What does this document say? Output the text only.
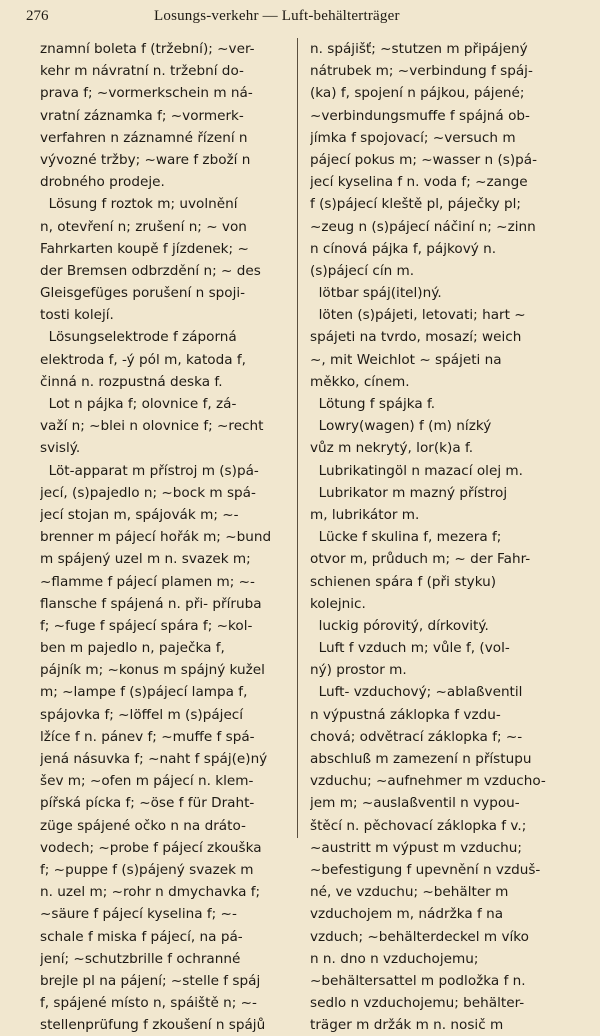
276	Losungs-verkehr — Luft-behälterträger
znamní boleta f (tržební); ~ver-
kehr m návratní n. tržební do-
prava f; ~vormerkschein m ná-
vratní záznamka f; ~vormerk-
verfahren n záznamné řízení n
vývozné tržby; ~ware f zboží n
drobného prodeje.
Lösung f roztok m; uvolnění
n, otevření n; zrušení n; ~ von
Fahrkarten koupě f jízdenek; ~
der Bremsen odbrzdění n; ~ des
Gleisgefüges porušení n spoji-
tosti kolejí.
Lösungselektrode f záporná
elektroda f, -ý pól m, katoda f,
činná n. rozpustná deska f.
Lot n pájka f; olovnice f, zá-
važí n; ~blei n olovnice f; ~recht
svislý.
Löt-apparat m přístroj m (s)pá-
jecí, (s)pajedlo n; ~bock m spá-
jecí stojan m, spájovák m; ~-
brenner m pájecí hořák m; ~bund
m spájený uzel m n. svazek m;
~flamme f pájecí plamen m; ~-
flansche f spájená n. při- příruba
f; ~fuge f spájecí spára f; ~kol-
ben m pajedlo n, paječka f,
pájník m; ~konus m spájný kužel
m; ~lampe f (s)pájecí lampa f,
spájovka f; ~löffel m (s)pájecí
lžíce f n. pánev f; ~muffe f spá-
jená násuvka f; ~naht f spáj(e)ný
šev m; ~ofen m pájecí n. klem-
pířská pícka f; ~öse f für Draht-
züge spájené očko n na dráto-
vodech; ~probe f pájecí zkouška
f; ~puppe f (s)pájený svazek m
n. uzel m; ~rohr n dmychavka f;
~säure f pájecí kyselina f; ~-
schale f miska f pájecí, na pá-
jení; ~schutzbrille f ochranné
brejle pl na pájení; ~stelle f spáj
f, spájené místo n, spáiště n; ~-
stellenprüfung f zkoušení n spájů
n. spájišť; ~stutzen m připájený
nátrubek m; ~verbindung f spáj-
(ka) f, spojení n pájkou, pájené;
~verbindungsmuffe f spájná ob-
jímka f spojovací; ~versuch m
pájecí pokus m; ~wasser n (s)pá-
jecí kyselina f n. voda f; ~zange
f (s)pájecí kleště pl, páječky pl;
~zeug n (s)pájecí náčiní n; ~zinn
n cínová pájka f, pájkový n.
(s)pájecí cín m.
lötbar spáj(itel)ný.
löten (s)pájeti, letovati; hart ~
spájeti na tvrdo, mosazí; weich
~, mit Weichlot ~ spájeti na
měkko, cínem.
Lötung f spájka f.
Lowry(wagen) f (m) nízký
vůz m nekrytý, lor(k)a f.
Lubrikatingöl n mazací olej m.
Lubrikator m mazný přístroj
m, lubrikátor m.
Lücke f skulina f, mezera f;
otvor m, průduch m; ~ der Fahr-
schienen spára f (při styku)
kolejnic.
luckig pórovitý, dírkovitý.
Luft f vzduch m; vůle f, (vol-
ný) prostor m.
Luft- vzduchový; ~ablaßventil
n výpustná záklopka f vzdu-
chová; odvětrací záklopka f; ~-
abschluß m zamezení n přístupu
vzduchu; ~aufnehmer m vzducho-
jem m; ~auslaßventil n vypou-
štěcí n. pěchovací záklopka f v.;
~austritt m výpust m vzduchu;
~befestigung f upevnění n vzduš-
né, ve vzduchu; ~behälter m
vzduchojem m, nádržka f na
vzduch; ~behälterdeckel m víko
n n. dno n vzduchojemu;
~behältersattel m podložka f n.
sedlo n vzduchojemu; behälter-
träger m držák m n. nosič m
